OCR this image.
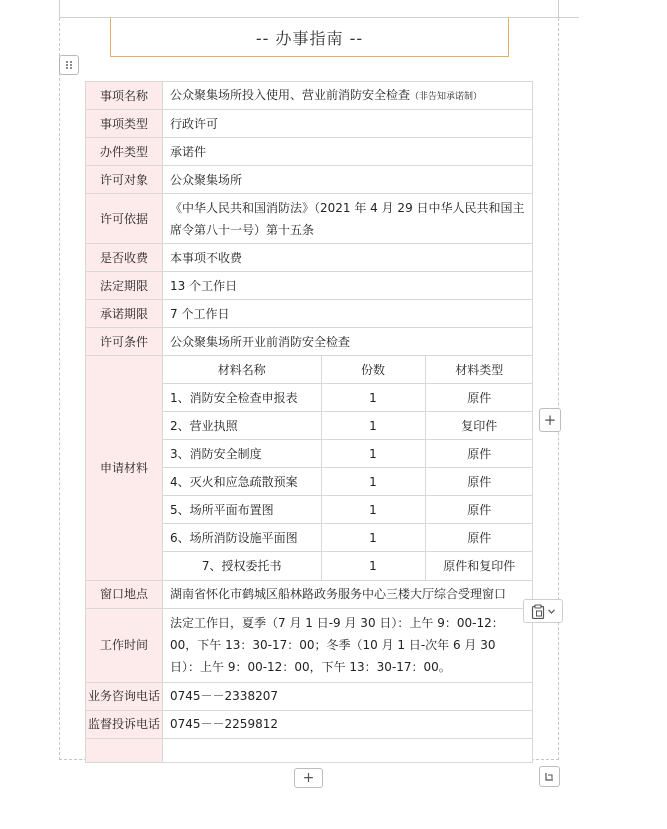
-- 办事指南 --
事项名称	公众聚集场所投入使用、营业前消防安全检查（非告知承诺制）
事项类型	行政许可
办件类型	承诺件
许可对象	公众聚集场所
许可依据	《中华人民共和国消防法》（2021 年 4 月 29 日中华人民共和国主席令第八十一号）第十五条
是否收费	本事项不收费
法定期限	13 个工作日
承诺期限	7 个工作日
许可条件	公众聚集场所开业前消防安全检查
申请材料	
材料名称	份数	材料类型
1、消防安全检查申报表	1	原件
2、营业执照	1	复印件
3、消防安全制度	1	原件
4、灭火和应急疏散预案	1	原件
5、场所平面布置图	1	原件
6、场所消防设施平面图	1	原件
7、授权委托书	1	原件和复印件

窗口地点	湖南省怀化市鹤城区船林路政务服务中心三楼大厅综合受理窗口
工作时间	法定工作日，夏季（7 月 1 日-9 月 30 日）：上午 9：00-12：00，下午 13：30-17：00；冬季（10 月 1 日-次年 6 月 30 日）：上午 9：00-12：00，下午 13：30-17：00。
业务咨询电话	0745－－2338207
监督投诉电话	0745－－2259812

+
+
